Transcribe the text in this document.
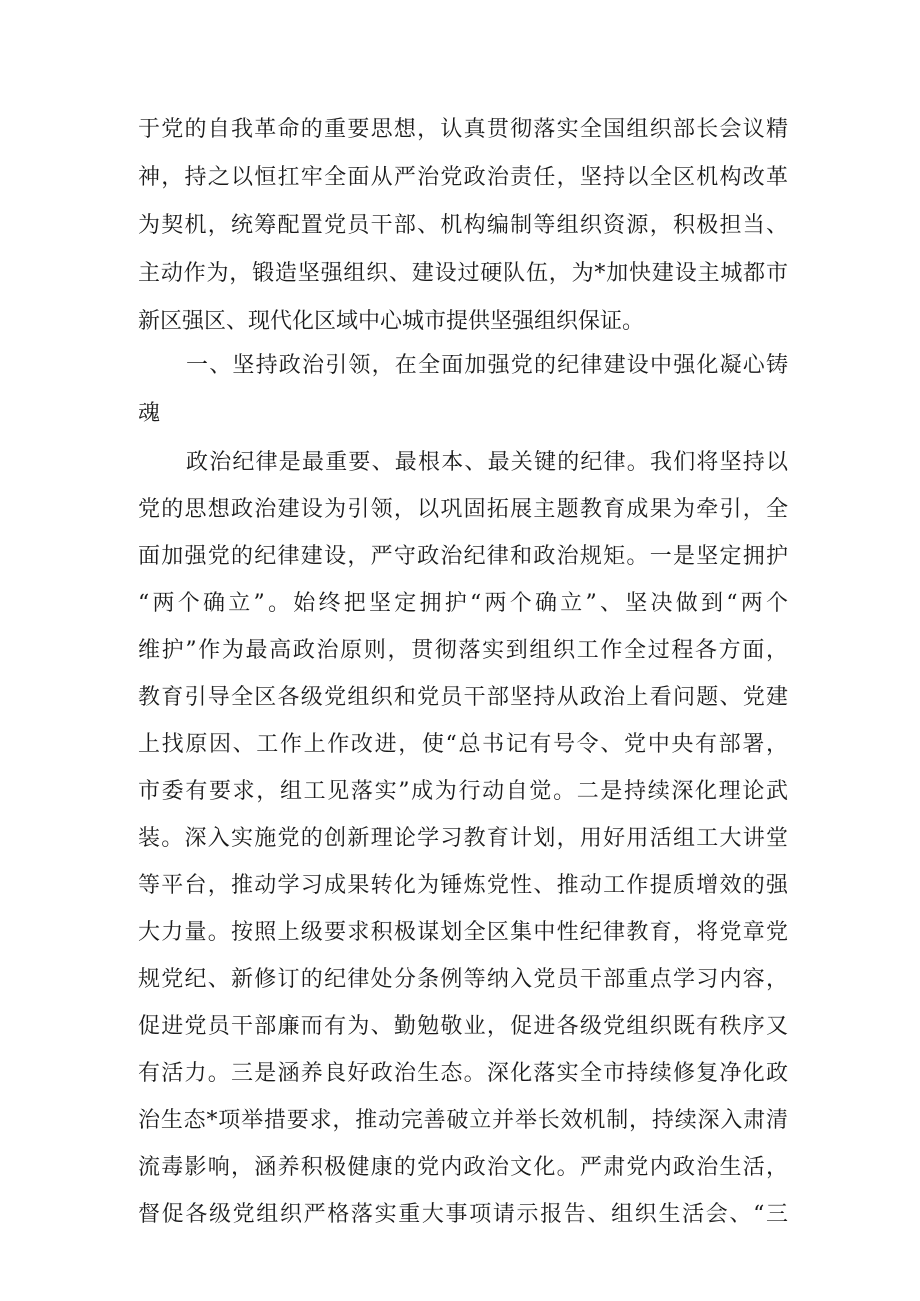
于党的自我革命的重要思想，认真贯彻落实全国组织部长会议精
神，持之以恒扛牢全面从严治党政治责任，坚持以全区机构改革
为契机，统筹配置党员干部、机构编制等组织资源，积极担当、
主动作为，锻造坚强组织、建设过硬队伍，为*加快建设主城都市
新区强区、现代化区域中心城市提供坚强组织保证。
一、坚持政治引领，在全面加强党的纪律建设中强化凝心铸
魂
政治纪律是最重要、最根本、最关键的纪律。我们将坚持以
党的思想政治建设为引领，以巩固拓展主题教育成果为牵引，全
面加强党的纪律建设，严守政治纪律和政治规矩。一是坚定拥护
“两个确立”。始终把坚定拥护“两个确立”、坚决做到“两个
维护”作为最高政治原则，贯彻落实到组织工作全过程各方面，
教育引导全区各级党组织和党员干部坚持从政治上看问题、党建
上找原因、工作上作改进，使“总书记有号令、党中央有部署，
市委有要求，组工见落实”成为行动自觉。二是持续深化理论武
装。深入实施党的创新理论学习教育计划，用好用活组工大讲堂
等平台，推动学习成果转化为锤炼党性、推动工作提质增效的强
大力量。按照上级要求积极谋划全区集中性纪律教育，将党章党
规党纪、新修订的纪律处分条例等纳入党员干部重点学习内容，
促进党员干部廉而有为、勤勉敬业，促进各级党组织既有秩序又
有活力。三是涵养良好政治生态。深化落实全市持续修复净化政
治生态*项举措要求，推动完善破立并举长效机制，持续深入肃清
流毒影响，涵养积极健康的党内政治文化。严肃党内政治生活，
督促各级党组织严格落实重大事项请示报告、组织生活会、“三
